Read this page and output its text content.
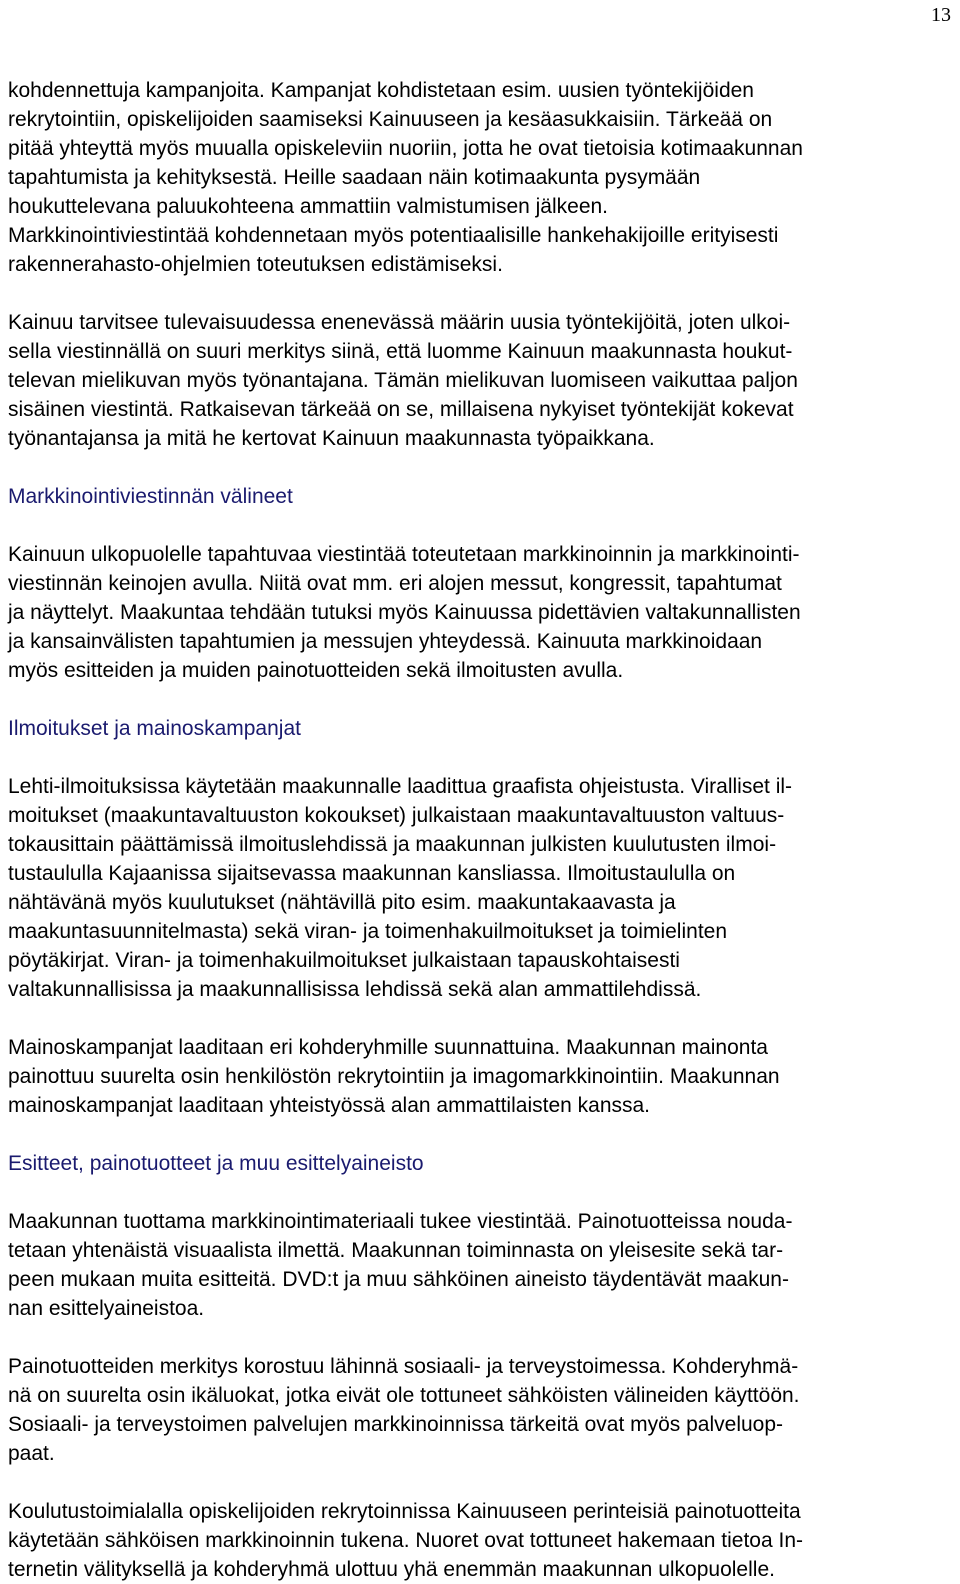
13
kohdennettuja kampanjoita. Kampanjat kohdistetaan esim. uusien työntekijöiden
rekrytointiin, opiskelijoiden saamiseksi Kainuuseen ja kesäasukkaisiin. Tärkeää on
pitää yhteyttä myös muualla opiskeleviin nuoriin, jotta he ovat tietoisia kotimaakunnan
tapahtumista ja kehityksestä. Heille saadaan näin kotimaakunta pysymään
houkuttelevana paluukohteena ammattiin valmistumisen jälkeen.
Markkinointiviestintää kohdennetaan myös potentiaalisille hankehakijoille erityisesti
rakennerahasto-ohjelmien toteutuksen edistämiseksi.
Kainuu tarvitsee tulevaisuudessa enenevässä määrin uusia työntekijöitä, joten ulkoi-
sella viestinnällä on suuri merkitys siinä, että luomme Kainuun maakunnasta houkut-
televan mielikuvan myös työnantajana. Tämän mielikuvan luomiseen vaikuttaa paljon
sisäinen viestintä. Ratkaisevan tärkeää on se, millaisena nykyiset työntekijät kokevat
työnantajansa ja mitä he kertovat Kainuun maakunnasta työpaikkana.
Markkinointiviestinnän välineet
Kainuun ulkopuolelle tapahtuvaa viestintää toteutetaan markkinoinnin ja markkinointi-
viestinnän keinojen avulla. Niitä ovat mm. eri alojen messut, kongressit, tapahtumat
ja näyttelyt. Maakuntaa tehdään tutuksi myös Kainuussa pidettävien valtakunnallisten
ja kansainvälisten tapahtumien ja messujen yhteydessä. Kainuuta markkinoidaan
myös esitteiden ja muiden painotuotteiden sekä ilmoitusten avulla.
Ilmoitukset ja mainoskampanjat
Lehti-ilmoituksissa käytetään maakunnalle laadittua graafista ohjeistusta. Viralliset il-
moitukset (maakuntavaltuuston kokoukset) julkaistaan maakuntavaltuuston valtuus-
tokausittain päättämissä ilmoituslehdissä ja maakunnan julkisten kuulutusten ilmoi-
tustaululla Kajaanissa sijaitsevassa maakunnan kansliassa. Ilmoitustaululla on
nähtävänä myös kuulutukset (nähtävillä pito esim. maakuntakaavasta ja
maakuntasuunnitelmasta) sekä viran- ja toimenhakuilmoitukset ja toimielinten
pöytäkirjat. Viran- ja toimenhakuilmoitukset julkaistaan tapauskohtaisesti
valtakunnallisissa ja maakunnallisissa lehdissä sekä alan ammattilehdissä.
Mainoskampanjat laaditaan eri kohderyhmille suunnattuina. Maakunnan mainonta
painottuu suurelta osin henkilöstön rekrytointiin ja imagomarkkinointiin. Maakunnan
mainoskampanjat laaditaan yhteistyössä alan ammattilaisten kanssa.
Esitteet, painotuotteet ja muu esittelyaineisto
Maakunnan tuottama markkinointimateriaali tukee viestintää. Painotuotteissa nouda-
tetaan yhtenäistä visuaalista ilmettä. Maakunnan toiminnasta on yleisesite sekä tar-
peen mukaan muita esitteitä. DVD:t ja muu sähköinen aineisto täydentävät maakun-
nan esittelyaineistoa.
Painotuotteiden merkitys korostuu lähinnä sosiaali- ja terveystoimessa. Kohderyhmä-
nä on suurelta osin ikäluokat, jotka eivät ole tottuneet sähköisten välineiden käyttöön.
Sosiaali- ja terveystoimen palvelujen markkinoinnissa tärkeitä ovat myös palveluop-
paat.
Koulutustoimialalla opiskelijoiden rekrytoinnissa Kainuuseen perinteisiä painotuotteita
käytetään sähköisen markkinoinnin tukena. Nuoret ovat tottuneet hakemaan tietoa In-
ternetin välityksellä ja kohderyhmä ulottuu yhä enemmän maakunnan ulkopuolelle.
